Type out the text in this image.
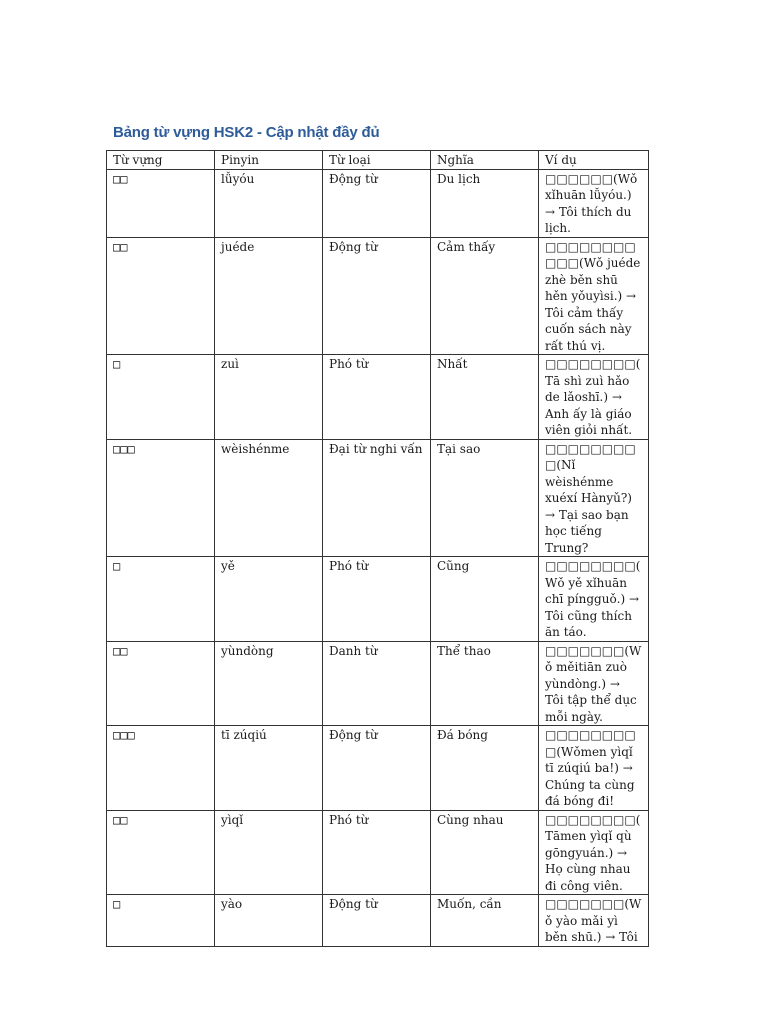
Bảng từ vựng HSK2 - Cập nhật đầy đủ
Từ vựng	Pinyin	Từ loại	Nghĩa	Ví dụ
□□	lǚyóu	Động từ	Du lịch	□□□□□□(Wǒ xǐhuān lǚyóu.) → Tôi thích du lịch.
□□	juéde	Động từ	Cảm thấy	□□□□□□□□□□□(Wǒ juéde zhè běn shū hěn yǒuyìsi.) → Tôi cảm thấy cuốn sách này rất thú vị.
□	zuì	Phó từ	Nhất	□□□□□□□□(Tā shì zuì hǎo de lǎoshī.) → Anh ấy là giáo viên giỏi nhất.
□□□	wèishénme	Đại từ nghi vấn	Tại sao	□□□□□□□□□(Nǐ wèishénme xuéxí Hànyǔ?) → Tại sao bạn học tiếng Trung?
□	yě	Phó từ	Cũng	□□□□□□□□(Wǒ yě xǐhuān chī píngguǒ.) → Tôi cũng thích ăn táo.
□□	yùndòng	Danh từ	Thể thao	□□□□□□□(Wǒ měitiān zuò yùndòng.) → Tôi tập thể dục mỗi ngày.
□□□	tī zúqiú	Động từ	Đá bóng	□□□□□□□□□(Wǒmen yìqǐ tī zúqiú ba!) → Chúng ta cùng đá bóng đi!
□□	yìqǐ	Phó từ	Cùng nhau	□□□□□□□□(Tāmen yìqǐ qù gōngyuán.) → Họ cùng nhau đi công viên.
□	yào	Động từ	Muốn, cần	□□□□□□□(Wǒ yào mǎi yì běn shū.) → Tôi
